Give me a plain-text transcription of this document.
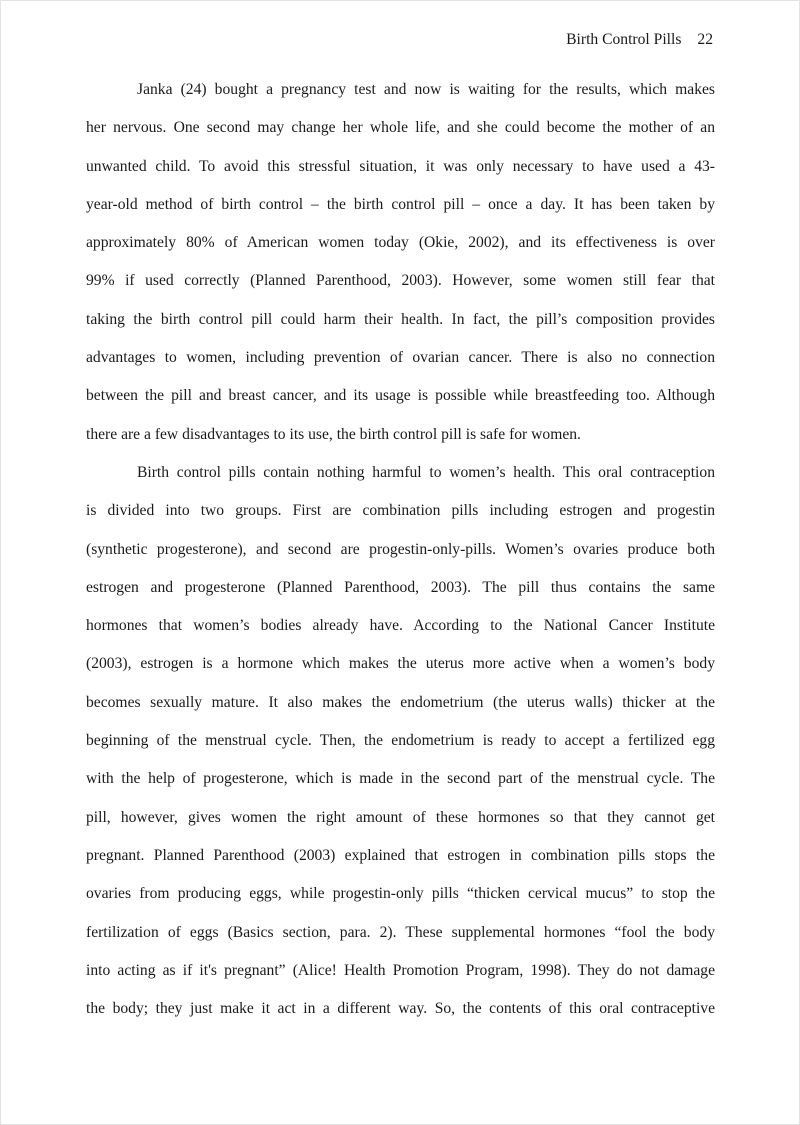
Birth Control Pills 22
Janka (24) bought a pregnancy test and now is waiting for the results, which makes
her nervous. One second may change her whole life, and she could become the mother of an
unwanted child. To avoid this stressful situation, it was only necessary to have used a 43-
year-old method of birth control – the birth control pill – once a day. It has been taken by
approximately 80% of American women today (Okie, 2002), and its effectiveness is over
99% if used correctly (Planned Parenthood, 2003). However, some women still fear that
taking the birth control pill could harm their health. In fact, the pill’s composition provides
advantages to women, including prevention of ovarian cancer. There is also no connection
between the pill and breast cancer, and its usage is possible while breastfeeding too. Although
there are a few disadvantages to its use, the birth control pill is safe for women.
Birth control pills contain nothing harmful to women’s health. This oral contraception
is divided into two groups. First are combination pills including estrogen and progestin
(synthetic progesterone), and second are progestin-only-pills. Women’s ovaries produce both
estrogen and progesterone (Planned Parenthood, 2003). The pill thus contains the same
hormones that women’s bodies already have. According to the National Cancer Institute
(2003), estrogen is a hormone which makes the uterus more active when a women’s body
becomes sexually mature. It also makes the endometrium (the uterus walls) thicker at the
beginning of the menstrual cycle. Then, the endometrium is ready to accept a fertilized egg
with the help of progesterone, which is made in the second part of the menstrual cycle. The
pill, however, gives women the right amount of these hormones so that they cannot get
pregnant. Planned Parenthood (2003) explained that estrogen in combination pills stops the
ovaries from producing eggs, while progestin-only pills “thicken cervical mucus” to stop the
fertilization of eggs (Basics section, para. 2). These supplemental hormones “fool the body
into acting as if it's pregnant” (Alice! Health Promotion Program, 1998). They do not damage
the body; they just make it act in a different way. So, the contents of this oral contraceptive
